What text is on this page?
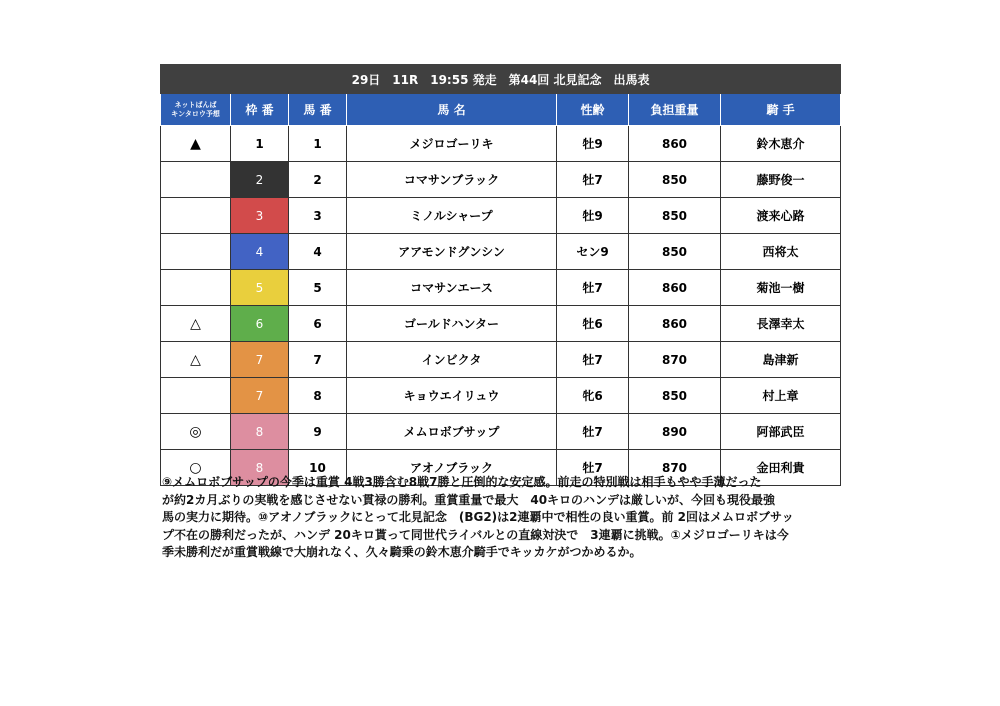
29日　11R　19:55 発走　第44回 北見記念　出馬表						
ネットばんば
キンタロウ予想	枠 番	馬 番	馬 名	性齢	負担重量	騎 手
▲	1	1	メジロゴーリキ	牡9	860	鈴木恵介
	2	2	コマサンブラック	牡7	850	藤野俊一
	3	3	ミノルシャープ	牡9	850	渡来心路
	4	4	アアモンドグンシン	セン9	850	西将太
	5	5	コマサンエース	牡7	860	菊池一樹
△	6	6	ゴールドハンター	牡6	860	長澤幸太
△	7	7	インビクタ	牡7	870	島津新
	7	8	キョウエイリュウ	牝6	850	村上章
◎	8	9	メムロボブサップ	牡7	890	阿部武臣
○	8	10	アオノブラック	牡7	870	金田利貴
⑨メムロボブサップの今季は重賞 4戦3勝含む8戦7勝と圧倒的な安定感。前走の特別戦は相手もやや手薄だった
が約2カ月ぶりの実戦を感じさせない貫禄の勝利。重賞重量で最大　40キロのハンデは厳しいが、今回も現役最強
馬の実力に期待。⑩アオノブラックにとって北見記念　(BG2)は2連覇中で相性の良い重賞。前 2回はメムロボブサッ
プ不在の勝利だったが、ハンデ 20キロ貰って同世代ライバルとの直線対決で　3連覇に挑戦。①メジロゴーリキは今
季未勝利だが重賞戦線で大崩れなく、久々騎乗の鈴木恵介騎手でキッカケがつかめるか。
